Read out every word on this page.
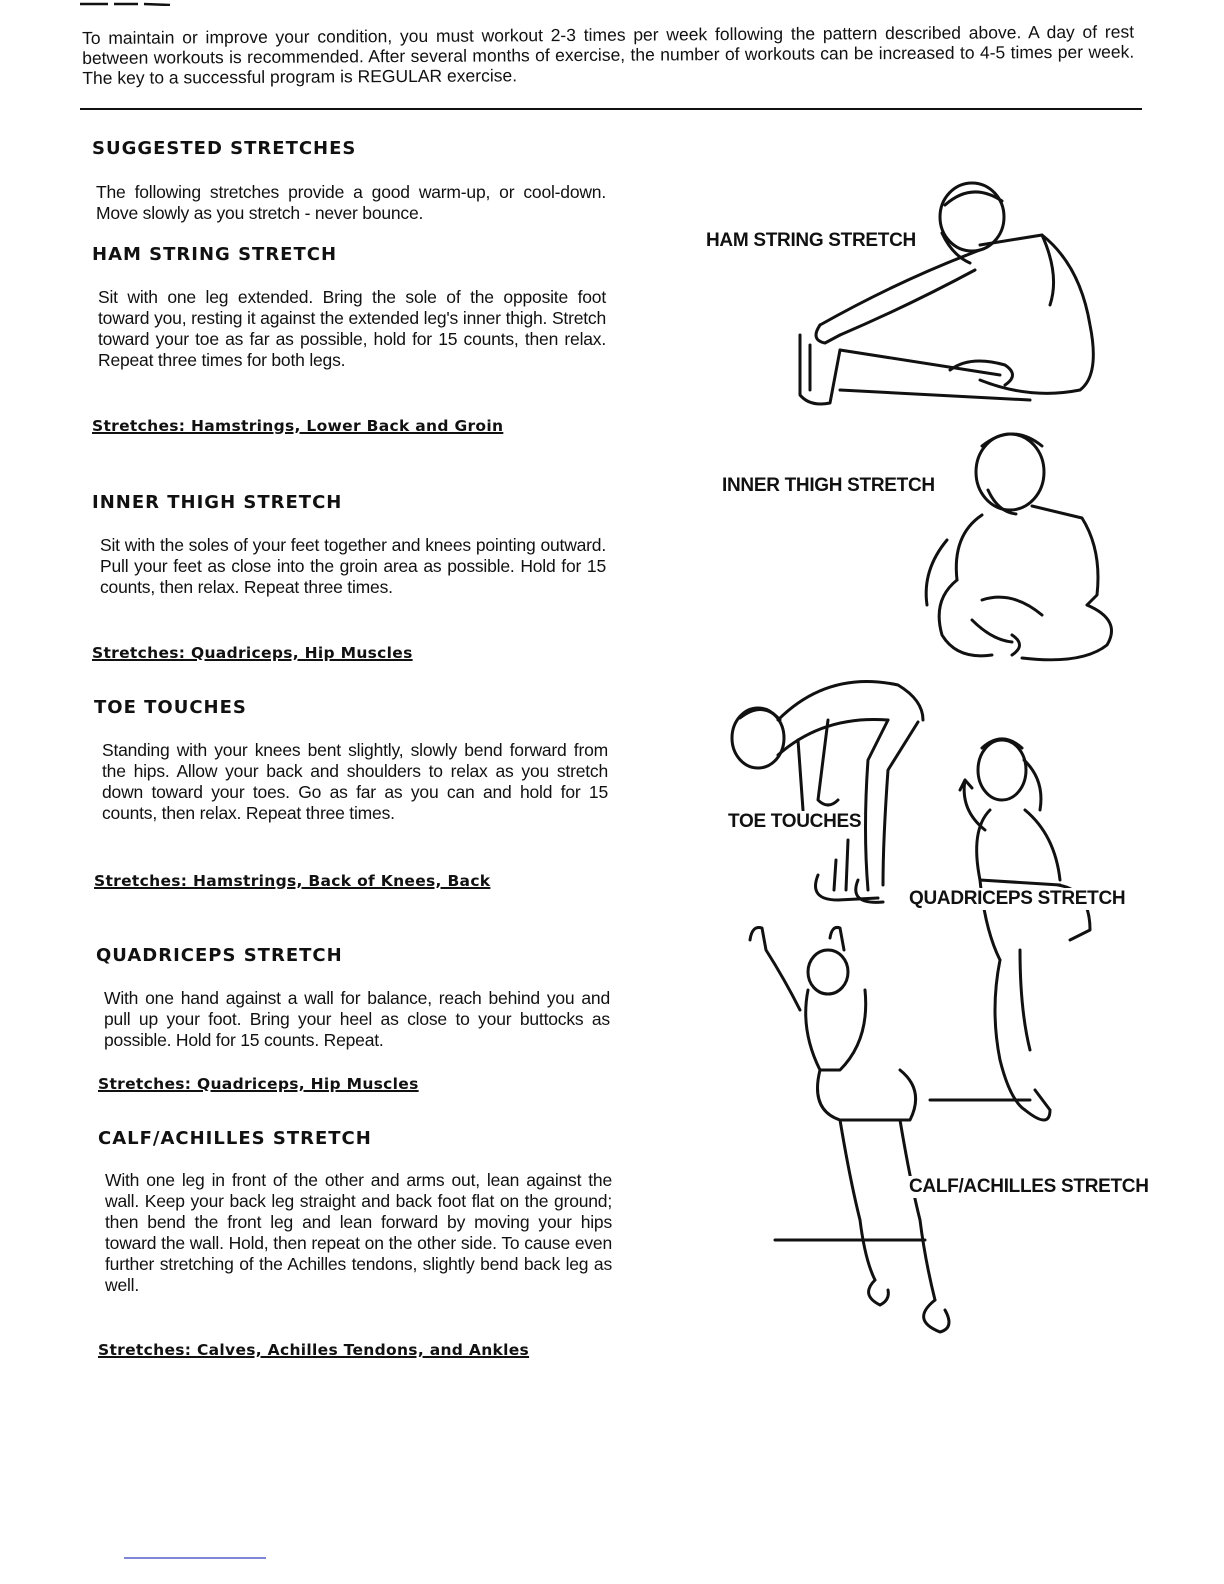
To maintain or improve your condition, you must workout 2-3 times per week following the pattern described above. A day of rest between workouts is recommended. After several months of exercise, the number of workouts can be increased to 4-5 times per week. The key to a successful program is REGULAR exercise.
SUGGESTED STRETCHES
The following stretches provide a good warm-up, or cool-down. Move slowly as you stretch - never bounce.
HAM STRING STRETCH
Sit with one leg extended. Bring the sole of the opposite foot toward you, resting it against the extended leg's inner thigh. Stretch toward your toe as far as possible, hold for 15 counts, then relax. Repeat three times for both legs.
Stretches: Hamstrings, Lower Back and Groin
INNER THIGH STRETCH
Sit with the soles of your feet together and knees pointing outward. Pull your feet as close into the groin area as possible. Hold for 15 counts, then relax. Repeat three times.
Stretches: Quadriceps, Hip Muscles
TOE TOUCHES
Standing with your knees bent slightly, slowly bend forward from the hips. Allow your back and shoulders to relax as you stretch down toward your toes. Go as far as you can and hold for 15 counts, then relax. Repeat three times.
Stretches: Hamstrings, Back of Knees, Back
QUADRICEPS STRETCH
With one hand against a wall for balance, reach behind you and pull up your foot. Bring your heel as close to your buttocks as possible. Hold for 15 counts. Repeat.
Stretches: Quadriceps, Hip Muscles
CALF/ACHILLES STRETCH
With one leg in front of the other and arms out, lean against the wall. Keep your back leg straight and back foot flat on the ground; then bend the front leg and lean forward by moving your hips toward the wall. Hold, then repeat on the other side. To cause even further stretching of the Achilles tendons, slightly bend back leg as well.
Stretches: Calves, Achilles Tendons, and Ankles
HAM STRING STRETCH
INNER THIGH STRETCH
TOE TOUCHES
QUADRICEPS STRETCH
CALF/ACHILLES STRETCH
